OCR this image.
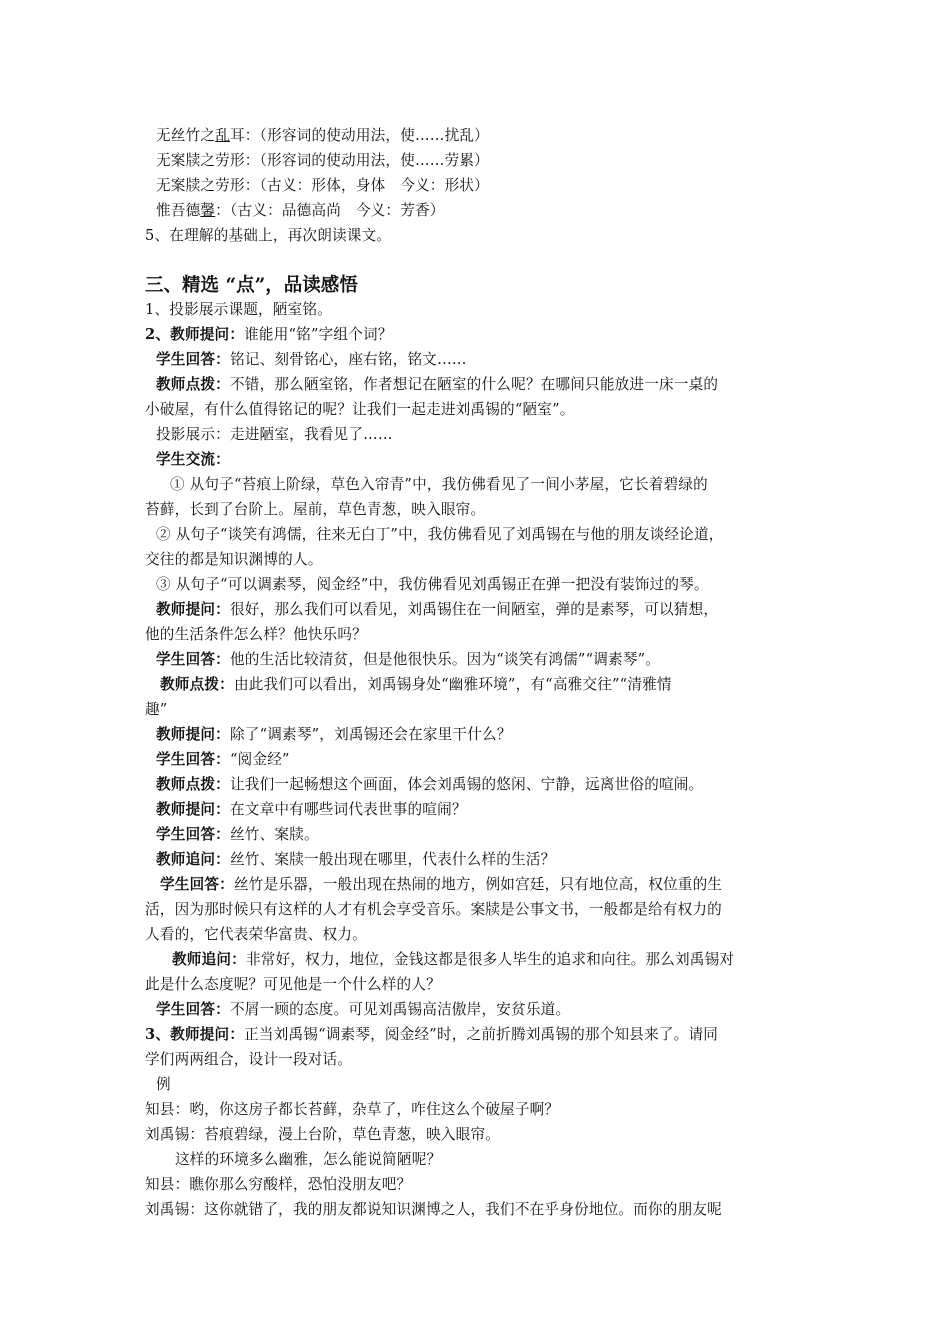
无丝竹之乱耳：（形容词的使动用法，使……扰乱）
无案牍之劳形：（形容词的使动用法，使……劳累）
无案牍之劳形：（古义：形体，身体　今义：形状）
惟吾德馨：（古义：品德高尚　今义：芳香）
5、在理解的基础上，再次朗读课文。
三、精选 “点”，品读感悟
1、投影展示课题，陋室铭。
2、教师提问：谁能用“铭”字组个词？
学生回答：铭记、刻骨铭心，座右铭，铭文……
教师点拨：不错，那么陋室铭，作者想记在陋室的什么呢？在哪间只能放进一床一桌的
小破屋，有什么值得铭记的呢？让我们一起走进刘禹锡的“陋室”。
投影展示：走进陋室，我看见了……
学生交流：
① 从句子“苔痕上阶绿，草色入帘青”中，我仿佛看见了一间小茅屋，它长着碧绿的
苔藓，长到了台阶上。屋前，草色青葱，映入眼帘。
② 从句子“谈笑有鸿儒，往来无白丁”中，我仿佛看见了刘禹锡在与他的朋友谈经论道，
交往的都是知识渊博的人。
③ 从句子“可以调素琴，阅金经”中，我仿佛看见刘禹锡正在弹一把没有装饰过的琴。
教师提问：很好，那么我们可以看见，刘禹锡住在一间陋室，弹的是素琴，可以猜想，
他的生活条件怎么样？他快乐吗？
学生回答：他的生活比较清贫，但是他很快乐。因为“谈笑有鸿儒”“调素琴”。
教师点拨：由此我们可以看出，刘禹锡身处“幽雅环境”，有“高雅交往”“清雅情
趣”
教师提问：除了“调素琴”，刘禹锡还会在家里干什么？
学生回答：“阅金经”
教师点拨：让我们一起畅想这个画面，体会刘禹锡的悠闲、宁静，远离世俗的喧闹。
教师提问：在文章中有哪些词代表世事的喧闹？
学生回答：丝竹、案牍。
教师追问：丝竹、案牍一般出现在哪里，代表什么样的生活？
学生回答：丝竹是乐器，一般出现在热闹的地方，例如宫廷，只有地位高，权位重的生
活，因为那时候只有这样的人才有机会享受音乐。案牍是公事文书，一般都是给有权力的
人看的，它代表荣华富贵、权力。
教师追问：非常好，权力，地位，金钱这都是很多人毕生的追求和向往。那么刘禹锡对
此是什么态度呢？可见他是一个什么样的人？
学生回答：不屑一顾的态度。可见刘禹锡高洁傲岸，安贫乐道。
3、教师提问：正当刘禹锡“调素琴，阅金经”时，之前折腾刘禹锡的那个知县来了。请同
学们两两组合，设计一段对话。
例
知县：哟，你这房子都长苔藓，杂草了，咋住这么个破屋子啊？
刘禹锡：苔痕碧绿，漫上台阶，草色青葱，映入眼帘。
这样的环境多么幽雅，怎么能说简陋呢？
知县：瞧你那么穷酸样，恐怕没朋友吧？
刘禹锡：这你就错了，我的朋友都说知识渊博之人，我们不在乎身份地位。而你的朋友呢
